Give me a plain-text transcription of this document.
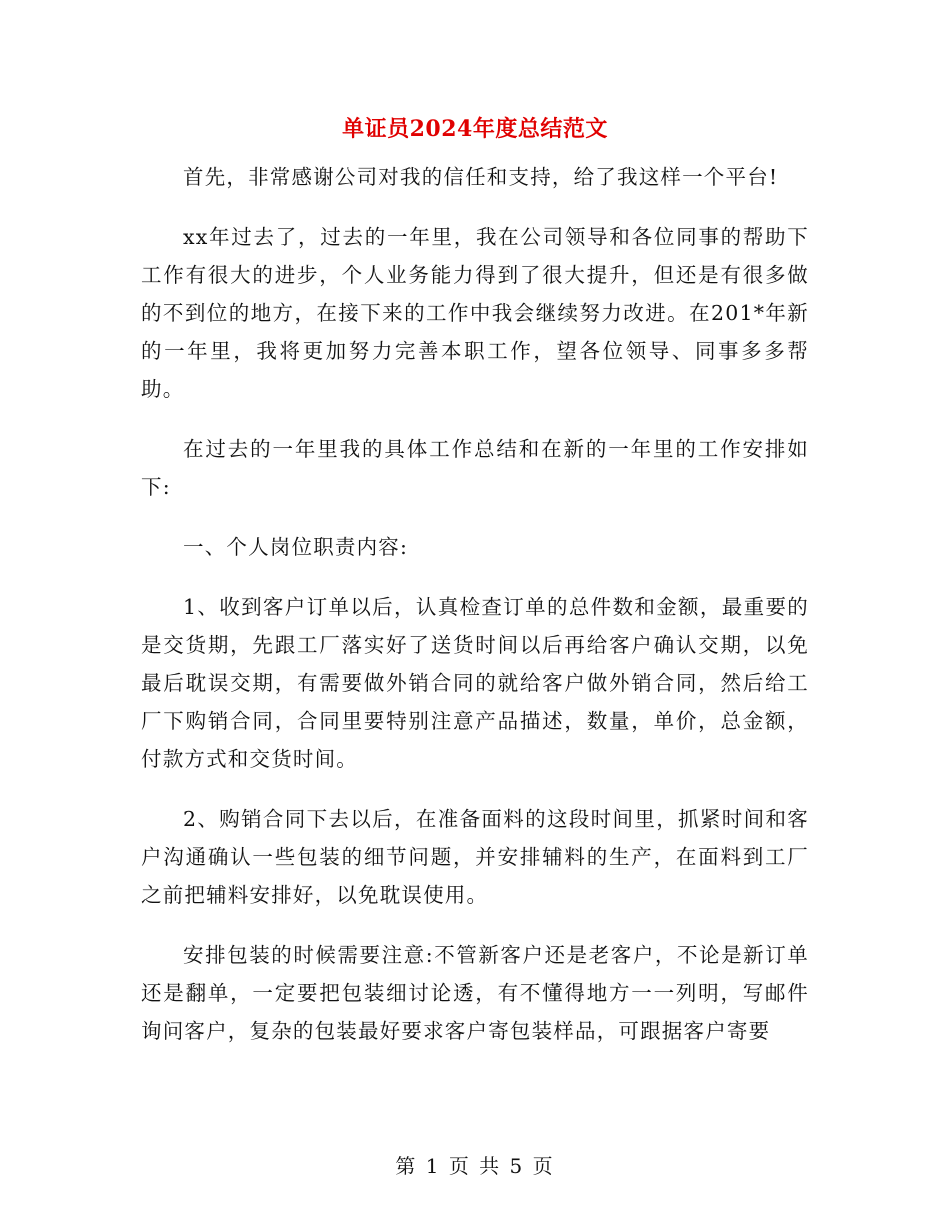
单证员2024年度总结范文

首先，非常感谢公司对我的信任和支持，给了我这样一个平台!

xx年过去了，过去的一年里，我在公司领导和各位同事的帮助下工作有很大的进步，个人业务能力得到了很大提升，但还是有很多做的不到位的地方，在接下来的工作中我会继续努力改进。在201*年新的一年里，我将更加努力完善本职工作，望各位领导、同事多多帮助。

在过去的一年里我的具体工作总结和在新的一年里的工作安排如下:

一、个人岗位职责内容:

1、收到客户订单以后，认真检查订单的总件数和金额，最重要的是交货期，先跟工厂落实好了送货时间以后再给客户确认交期，以免最后耽误交期，有需要做外销合同的就给客户做外销合同，然后给工厂下购销合同，合同里要特别注意产品描述，数量，单价，总金额，付款方式和交货时间。

2、购销合同下去以后，在准备面料的这段时间里，抓紧时间和客户沟通确认一些包装的细节问题，并安排辅料的生产，在面料到工厂之前把辅料安排好，以免耽误使用。

安排包装的时候需要注意:不管新客户还是老客户，不论是新订单还是翻单，一定要把包装细讨论透，有不懂得地方一一列明，写邮件询问客户，复杂的包装最好要求客户寄包装样品，可跟据客户寄要

第 1 页 共 5 页
